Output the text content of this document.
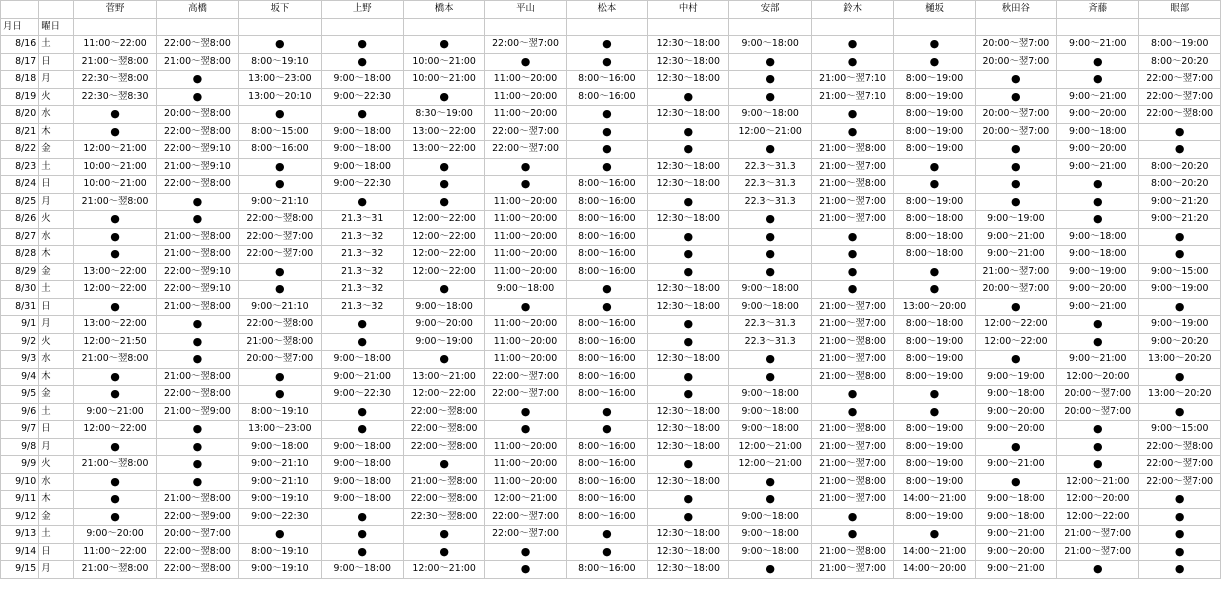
		菅野	高橋	坂下	上野	橋本	平山	松本	中村	安部	鈴木	樋坂	秋田谷	斉藤	眼部
月日	曜日														
8/16	土	11:00～22:00	22:00～翌8:00	●	●	●	22:00～翌7:00	●	12:30～18:00	9:00～18:00	●	●	20:00～翌7:00	9:00～21:00	8:00～19:00
8/17	日	21:00～翌8:00	21:00～翌8:00	8:00～19:10	●	10:00～21:00	●	●	12:30～18:00	●	●	●	20:00～翌7:00	●	8:00～20:20
8/18	月	22:30～翌8:00	●	13:00～23:00	9:00～18:00	10:00～21:00	11:00～20:00	8:00～16:00	12:30～18:00	●	21:00～翌7:10	8:00～19:00	●	●	22:00～翌7:00
8/19	火	22:30～翌8:30	●	13:00～20:10	9:00～22:30	●	11:00～20:00	8:00～16:00	●	●	21:00～翌7:10	8:00～19:00	●	9:00～21:00	22:00～翌7:00
8/20	水	●	20:00～翌8:00	●	●	8:30～19:00	11:00～20:00	●	12:30～18:00	9:00～18:00	●	8:00～19:00	20:00～翌7:00	9:00～20:00	22:00～翌8:00
8/21	木	●	22:00～翌8:00	8:00～15:00	9:00～18:00	13:00～22:00	22:00～翌7:00	●	●	12:00～21:00	●	8:00～19:00	20:00～翌7:00	9:00～18:00	●
8/22	金	12:00～21:00	22:00～翌9:10	8:00～16:00	9:00～18:00	13:00～22:00	22:00～翌7:00	●	●	●	21:00～翌8:00	8:00～19:00	●	9:00～20:00	●
8/23	土	10:00～21:00	21:00～翌9:10	●	9:00～18:00	●	●	●	12:30～18:00	22.3～31.3	21:00～翌7:00	●	●	9:00～21:00	8:00～20:20
8/24	日	10:00～21:00	22:00～翌8:00	●	9:00～22:30	●	●	8:00～16:00	12:30～18:00	22.3～31.3	21:00～翌8:00	●	●	●	8:00～20:20
8/25	月	21:00～翌8:00	●	9:00～21:10	●	●	11:00～20:00	8:00～16:00	●	22.3～31.3	21:00～翌7:00	8:00～19:00	●	●	9:00～21:20
8/26	火	●	●	22:00～翌8:00	21.3～31	12:00～22:00	11:00～20:00	8:00～16:00	12:30～18:00	●	21:00～翌7:00	8:00～18:00	9:00～19:00	●	9:00～21:20
8/27	水	●	21:00～翌8:00	22:00～翌7:00	21.3～32	12:00～22:00	11:00～20:00	8:00～16:00	●	●	●	8:00～18:00	9:00～21:00	9:00～18:00	●
8/28	木	●	21:00～翌8:00	22:00～翌7:00	21.3～32	12:00～22:00	11:00～20:00	8:00～16:00	●	●	●	8:00～18:00	9:00～21:00	9:00～18:00	●
8/29	金	13:00～22:00	22:00～翌9:10	●	21.3～32	12:00～22:00	11:00～20:00	8:00～16:00	●	●	●	●	21:00～翌7:00	9:00～19:00	9:00～15:00
8/30	土	12:00～22:00	22:00～翌9:10	●	21.3～32	●	9:00～18:00	●	12:30～18:00	9:00～18:00	●	●	20:00～翌7:00	9:00～20:00	9:00～19:00
8/31	日	●	21:00～翌8:00	9:00～21:10	21.3～32	9:00～18:00	●	●	12:30～18:00	9:00～18:00	21:00～翌7:00	13:00～20:00	●	9:00～21:00	●
9/1	月	13:00～22:00	●	22:00～翌8:00	●	9:00～20:00	11:00～20:00	8:00～16:00	●	22.3～31.3	21:00～翌7:00	8:00～18:00	12:00～22:00	●	9:00～19:00
9/2	火	12:00～21:50	●	21:00～翌8:00	●	9:00～19:00	11:00～20:00	8:00～16:00	●	22.3～31.3	21:00～翌8:00	8:00～19:00	12:00～22:00	●	9:00～20:20
9/3	水	21:00～翌8:00	●	20:00～翌7:00	9:00～18:00	●	11:00～20:00	8:00～16:00	12:30～18:00	●	21:00～翌7:00	8:00～19:00	●	9:00～21:00	13:00～20:20
9/4	木	●	21:00～翌8:00	●	9:00～21:00	13:00～21:00	22:00～翌7:00	8:00～16:00	●	●	21:00～翌8:00	8:00～19:00	9:00～19:00	12:00～20:00	●
9/5	金	●	22:00～翌8:00	●	9:00～22:30	12:00～22:00	22:00～翌7:00	8:00～16:00	●	9:00～18:00	●	●	9:00～18:00	20:00～翌7:00	13:00～20:20
9/6	土	9:00～21:00	21:00～翌9:00	8:00～19:10	●	22:00～翌8:00	●	●	12:30～18:00	9:00～18:00	●	●	9:00～20:00	20:00～翌7:00	●
9/7	日	12:00～22:00	●	13:00～23:00	●	22:00～翌8:00	●	●	12:30～18:00	9:00～18:00	21:00～翌8:00	8:00～19:00	9:00～20:00	●	9:00～15:00
9/8	月	●	●	9:00～18:00	9:00～18:00	22:00～翌8:00	11:00～20:00	8:00～16:00	12:30～18:00	12:00～21:00	21:00～翌7:00	8:00～19:00	●	●	22:00～翌8:00
9/9	火	21:00～翌8:00	●	9:00～21:10	9:00～18:00	●	11:00～20:00	8:00～16:00	●	12:00～21:00	21:00～翌7:00	8:00～19:00	9:00～21:00	●	22:00～翌7:00
9/10	水	●	●	9:00～21:10	9:00～18:00	21:00～翌8:00	11:00～20:00	8:00～16:00	12:30～18:00	●	21:00～翌8:00	8:00～19:00	●	12:00～21:00	22:00～翌7:00
9/11	木	●	21:00～翌8:00	9:00～19:10	9:00～18:00	22:00～翌8:00	12:00～21:00	8:00～16:00	●	●	21:00～翌7:00	14:00～21:00	9:00～18:00	12:00～20:00	●
9/12	金	●	22:00～翌9:00	9:00～22:30	●	22:30～翌8:00	22:00～翌7:00	8:00～16:00	●	9:00～18:00	●	8:00～19:00	9:00～18:00	12:00～22:00	●
9/13	土	9:00～20:00	20:00～翌7:00	●	●	●	22:00～翌7:00	●	12:30～18:00	9:00～18:00	●	●	9:00～21:00	21:00～翌7:00	●
9/14	日	11:00～22:00	22:00～翌8:00	8:00～19:10	●	●	●	●	12:30～18:00	9:00～18:00	21:00～翌8:00	14:00～21:00	9:00～20:00	21:00～翌7:00	●
9/15	月	21:00～翌8:00	22:00～翌8:00	9:00～19:10	9:00～18:00	12:00～21:00	●	8:00～16:00	12:30～18:00	●	21:00～翌7:00	14:00～20:00	9:00～21:00	●	●
